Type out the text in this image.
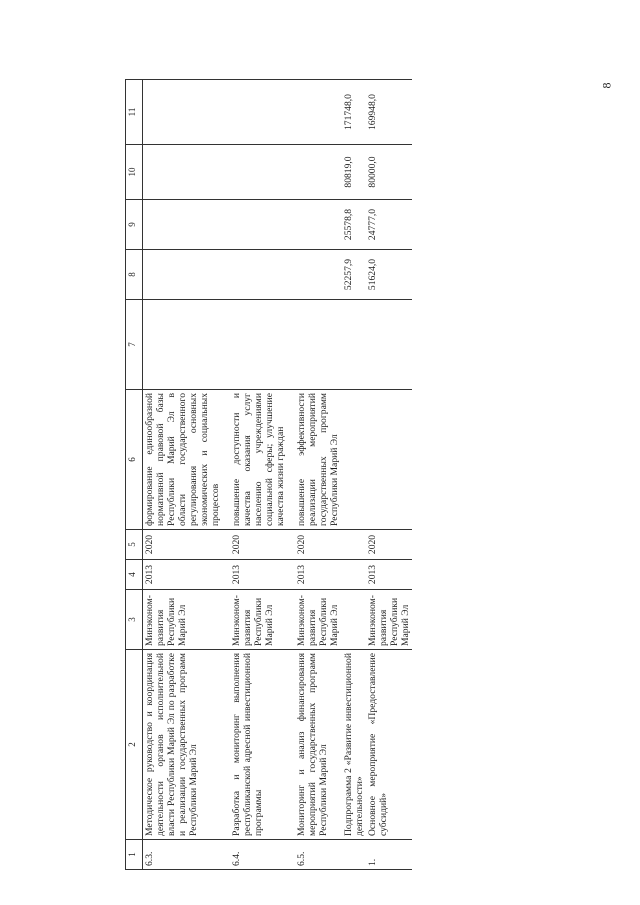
8
1	2	3	4	5	6	7	8	9	10	11
6.3.	Методическое руководство и координация деятельности органов исполнительной власти Республики Марий Эл по разработке и реализации государственных программ Республики Марий Эл	Минэконом-развития Республики Марий Эл	2013	2020	формирование единообразной нормативной правовой базы Республики Марий Эл в области государственного регулирования основных экономических и социальных процессов					

6.4.	Разработка и мониторинг выполнения республиканской адресной инвестиционной программы	Минэконом-развития Республики Марий Эл	2013	2020	повышение доступности и качества оказания услуг населению учреждениями социальной сферы; улучшение качества жизни граждан					

6.5.	Мониторинг и анализ финансирования мероприятий государственных программ Республики Марий Эл	Минэконом-развития Республики Марий Эл	2013	2020	повышение эффективности реализации мероприятий государственных программ Республики Марий Эл					
	Подпрограмма 2 «Развитие инвестиционной деятельности»						52257,9	25578,8	80819,0	171748,0
1.	Основное мероприятие «Предоставление субсидий»	Минэконом-развития Республики Марий Эл	2013	2020			51624,0	24777,0	80000,0	169948,0
